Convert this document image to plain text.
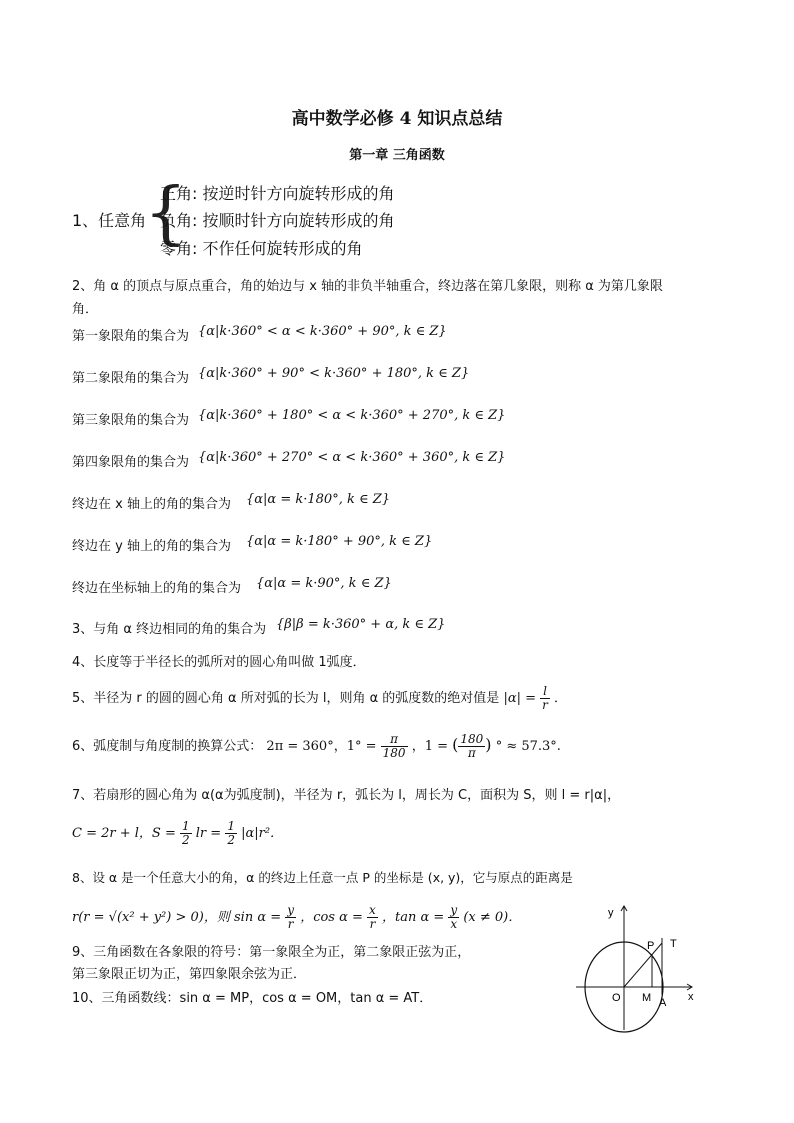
高中数学必修 4 知识点总结
第一章 三角函数
1、任意角
{
正角: 按逆时针方向旋转形成的角
负角: 按顺时针方向旋转形成的角
零角: 不作任何旋转形成的角
2、角 α 的顶点与原点重合，角的始边与 x 轴的非负半轴重合，终边落在第几象限，则称 α 为第几象限
角．
第一象限角的集合为 {α|k·360° < α < k·360° + 90°, k ∈ Z}
第二象限角的集合为 {α|k·360° + 90° < k·360° + 180°, k ∈ Z}
第三象限角的集合为 {α|k·360° + 180° < α < k·360° + 270°, k ∈ Z}
第四象限角的集合为 {α|k·360° + 270° < α < k·360° + 360°, k ∈ Z}
终边在 x 轴上的角的集合为 {α|α = k·180°, k ∈ Z}
终边在 y 轴上的角的集合为 {α|α = k·180° + 90°, k ∈ Z}
终边在坐标轴上的角的集合为 {α|α = k·90°, k ∈ Z}
3、与角 α 终边相同的角的集合为 {β|β = k·360° + α, k ∈ Z}
4、长度等于半径长的弧所对的圆心角叫做 1弧度．
5、半径为 r 的圆的圆心角 α 所对弧的长为 l，则角 α 的弧度数的绝对值是 $|\alpha| = \frac{l}{r}$ ．
6、弧度制与角度制的换算公式： 2π = 360°，$1^\circ = \frac{\pi}{180}$ ，1 = ( $\frac{180}{\pi}$ ) ° ≈ 57.3°.
7、若扇形的圆心角为 α(α为弧度制)，半径为 r，弧长为 l，周长为 C，面积为 S，则 l = r|α|，
C = 2r + l，$S = \frac{1}{2}$ lr = $\frac{1}{2} |\alpha|r^2$．
8、设 α 是一个任意大小的角，α 的终边上任意一点 P 的坐标是 (x, y)，它与原点的距离是
r(r = √(x² + y²) > 0)，则 $\sin \alpha = \frac{y}{r}$ ，$\cos \alpha = \frac{x}{r}$ ，$\tan \alpha = \frac{y}{x} (x \ne 0)$．
9、三角函数在各象限的符号：第一象限全为正，第二象限正弦为正，
第三象限正切为正，第四象限余弦为正．
10、三角函数线：sin α = MP，cos α = OM，tan α = AT．
y
x
O M A
P T
